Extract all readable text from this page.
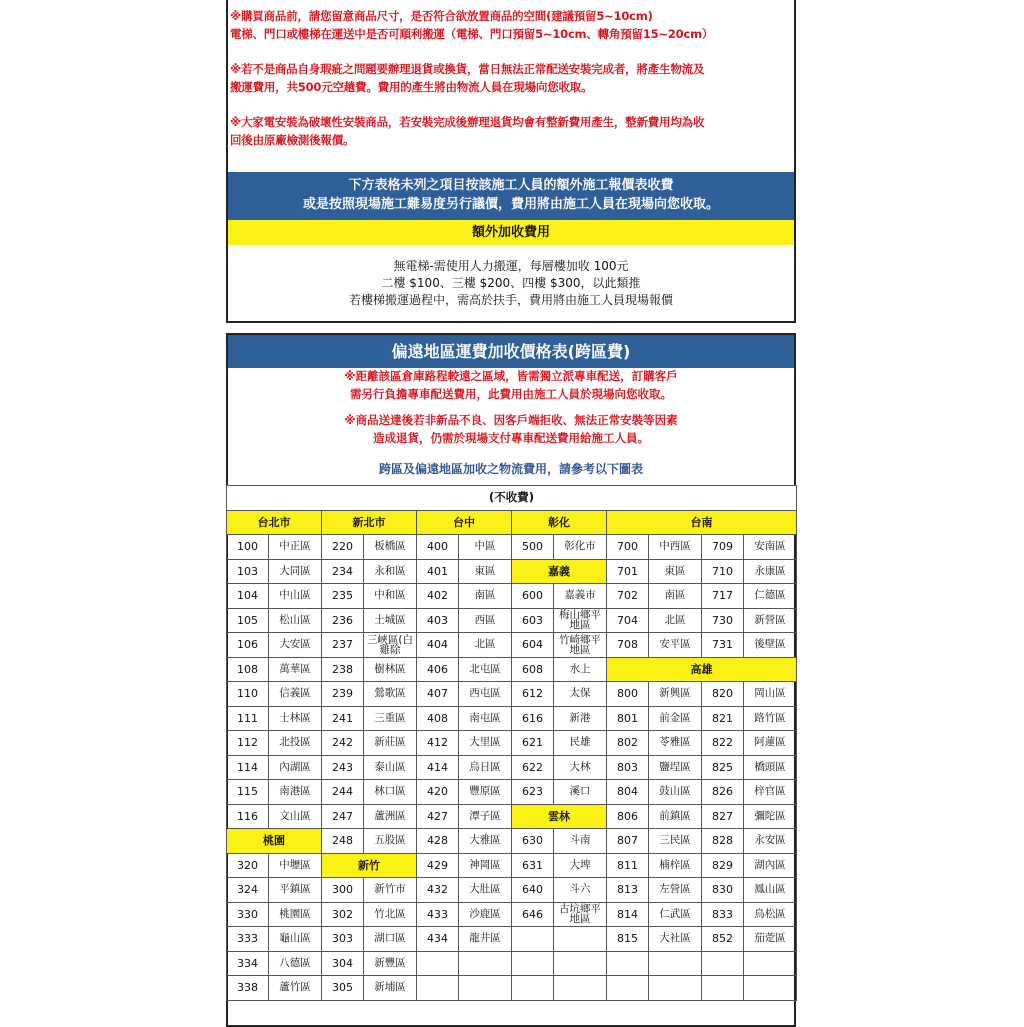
※購買商品前，請您留意商品尺寸，是否符合欲放置商品的空間(建議預留5~10cm)
電梯、門口或樓梯在運送中是否可順利搬運（電梯、門口預留5~10cm、轉角預留15~20cm）
※若不是商品自身瑕疵之問題要辦理退貨或換貨，當日無法正常配送安裝完成者，將產生物流及
搬運費用，共500元空趟費。費用的產生將由物流人員在現場向您收取。
※大家電安裝為破壞性安裝商品，若安裝完成後辦理退貨均會有整新費用產生，整新費用均為收
回後由原廠檢測後報價。
下方表格未列之項目按該施工人員的額外施工報價表收費
或是按照現場施工難易度另行議價，費用將由施工人員在現場向您收取。
額外加收費用
無電梯-需使用人力搬運，每層樓加收 100元
二樓 $100、三樓 $200、四樓 $300，以此類推
若樓梯搬運過程中，需高於扶手，費用將由施工人員現場報價
偏遠地區運費加收價格表(跨區費)
※距離該區倉庫路程較遠之區域，皆需獨立派專車配送，訂購客戶
需另行負擔專車配送費用，此費用由施工人員於現場向您收取。
※商品送達後若非新品不良、因客戶端拒收、無法正常安裝等因素
造成退貨，仍需於現場支付專車配送費用給施工人員。
跨區及偏遠地區加收之物流費用，請參考以下圖表
(不收費)											
台北市		新北市		台中		彰化		台南			
100	中正區	220	板橋區	400	中區	500	彰化市	700	中西區	709	安南區
103	大同區	234	永和區	401	東區	嘉義		701	東區	710	永康區
104	中山區	235	中和區	402	南區	600	嘉義市	702	南區	717	仁德區
105	松山區	236	土城區	403	西區	603	梅山鄉平地區	704	北區	730	新營區
106	大安區	237	三峽區(白雞除	404	北區	604	竹崎鄉平地區	708	安平區	731	後壁區
108	萬華區	238	樹林區	406	北屯區	608	水上	高雄			
110	信義區	239	鶯歌區	407	西屯區	612	太保	800	新興區	820	岡山區
111	士林區	241	三重區	408	南屯區	616	新港	801	前金區	821	路竹區
112	北投區	242	新莊區	412	大里區	621	民雄	802	苓雅區	822	阿蓮區
114	內湖區	243	泰山區	414	烏日區	622	大林	803	鹽埕區	825	橋頭區
115	南港區	244	林口區	420	豐原區	623	溪口	804	鼓山區	826	梓官區
116	文山區	247	蘆洲區	427	潭子區	雲林		806	前鎮區	827	彌陀區
桃園		248	五股區	428	大雅區	630	斗南	807	三民區	828	永安區
320	中壢區	新竹		429	神岡區	631	大埤	811	楠梓區	829	湖內區
324	平鎮區	300	新竹市	432	大肚區	640	斗六	813	左營區	830	鳳山區
330	桃園區	302	竹北區	433	沙鹿區	646	古坑鄉平地區	814	仁武區	833	鳥松區
333	龜山區	303	湖口區	434	龍井區			815	大社區	852	茄萣區
334	八德區	304	新豐區								
338	蘆竹區	305	新埔區								
